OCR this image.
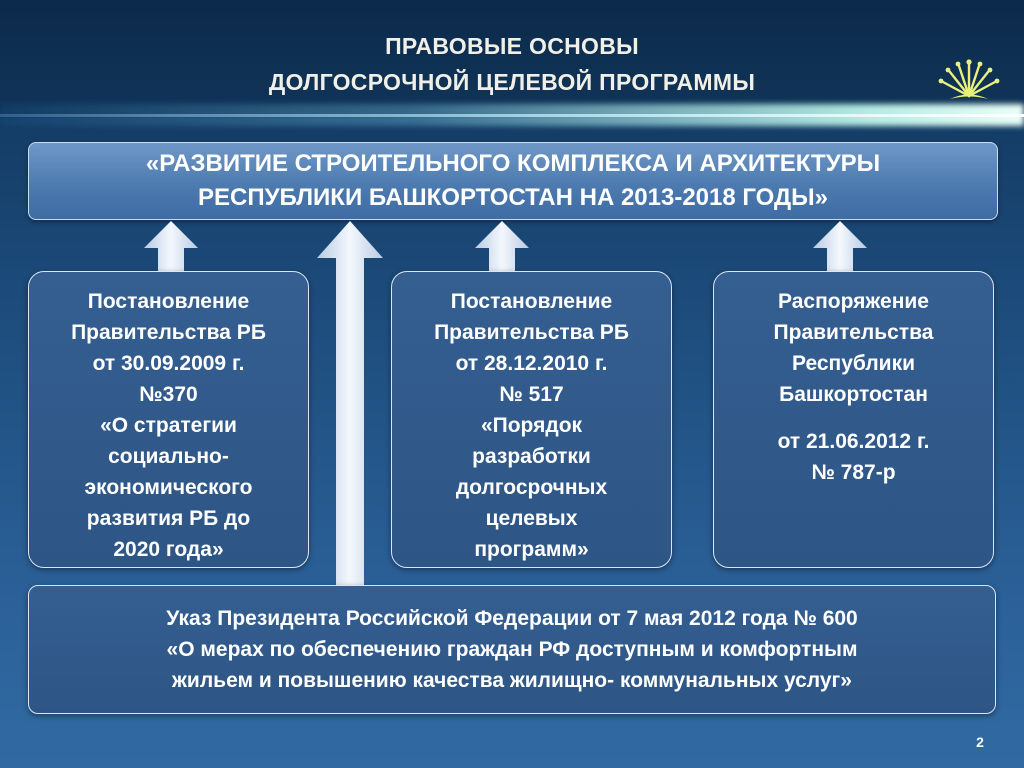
ПРАВОВЫЕ ОСНОВЫ
ДОЛГОСРОЧНОЙ ЦЕЛЕВОЙ ПРОГРАММЫ
«РАЗВИТИЕ СТРОИТЕЛЬНОГО КОМПЛЕКСА И АРХИТЕКТУРЫ
РЕСПУБЛИКИ БАШКОРТОСТАН НА 2013-2018 ГОДЫ»
Постановление
Правительства РБ
от 30.09.2009 г.
№370
«О стратегии
социально-
экономического
развития РБ до
2020 года»
Постановление
Правительства РБ
от 28.12.2010 г.
№ 517
«Порядок
разработки
долгосрочных
целевых
программ»
Распоряжение
Правительства
Республики
Башкортостан
от 21.06.2012 г.
№ 787-р
Указ Президента Российской Федерации от 7 мая 2012 года № 600
«О мерах по обеспечению граждан РФ доступным и комфортным
жильем и повышению качества жилищно- коммунальных услуг»
2
